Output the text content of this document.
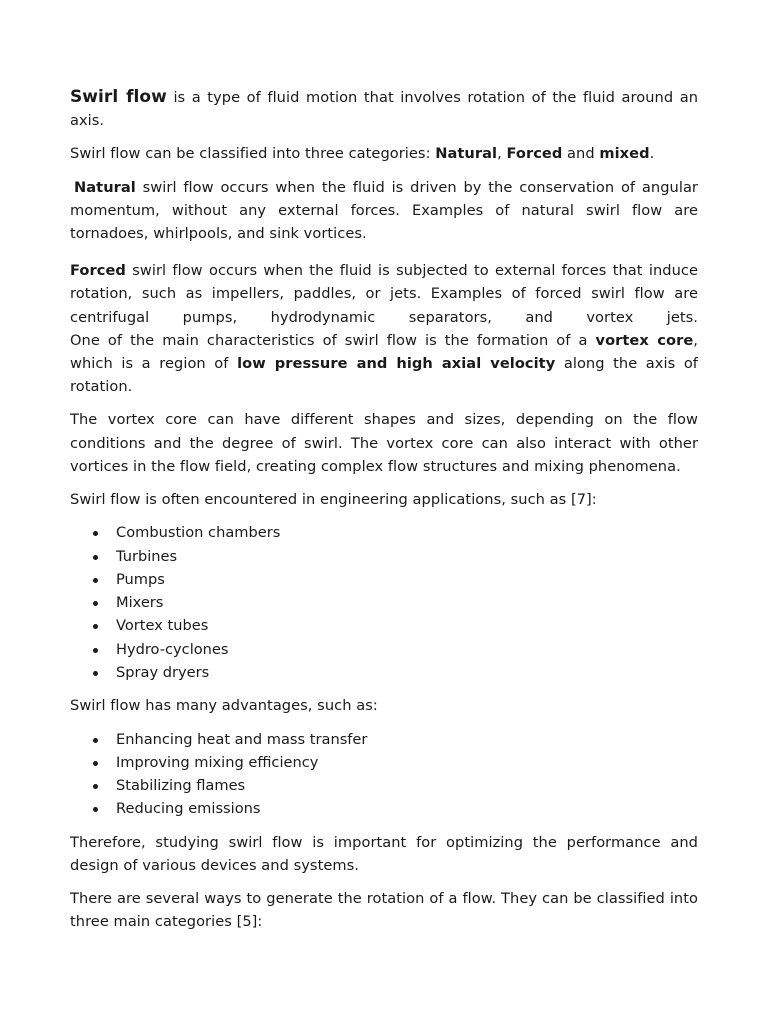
Swirl flow is a type of fluid motion that involves rotation of the fluid around an axis.

Swirl flow can be classified into three categories: Natural, Forced and mixed.

Natural swirl flow occurs when the fluid is driven by the conservation of angular momentum, without any external forces. Examples of natural swirl flow are tornadoes, whirlpools, and sink vortices.

Forced swirl flow occurs when the fluid is subjected to external forces that induce rotation, such as impellers, paddles, or jets. Examples of forced swirl flow are centrifugal pumps, hydrodynamic separators, and vortex jets.
One of the main characteristics of swirl flow is the formation of a vortex core, which is a region of low pressure and high axial velocity along the axis of rotation.

The vortex core can have different shapes and sizes, depending on the flow conditions and the degree of swirl. The vortex core can also interact with other vortices in the flow field, creating complex flow structures and mixing phenomena.

Swirl flow is often encountered in engineering applications, such as [7]:

Combustion chambers
Turbines
Pumps
Mixers
Vortex tubes
Hydro-cyclones
Spray dryers

Swirl flow has many advantages, such as:

Enhancing heat and mass transfer
Improving mixing efficiency
Stabilizing flames
Reducing emissions

Therefore, studying swirl flow is important for optimizing the performance and design of various devices and systems.

There are several ways to generate the rotation of a flow. They can be classified into three main categories [5]:
